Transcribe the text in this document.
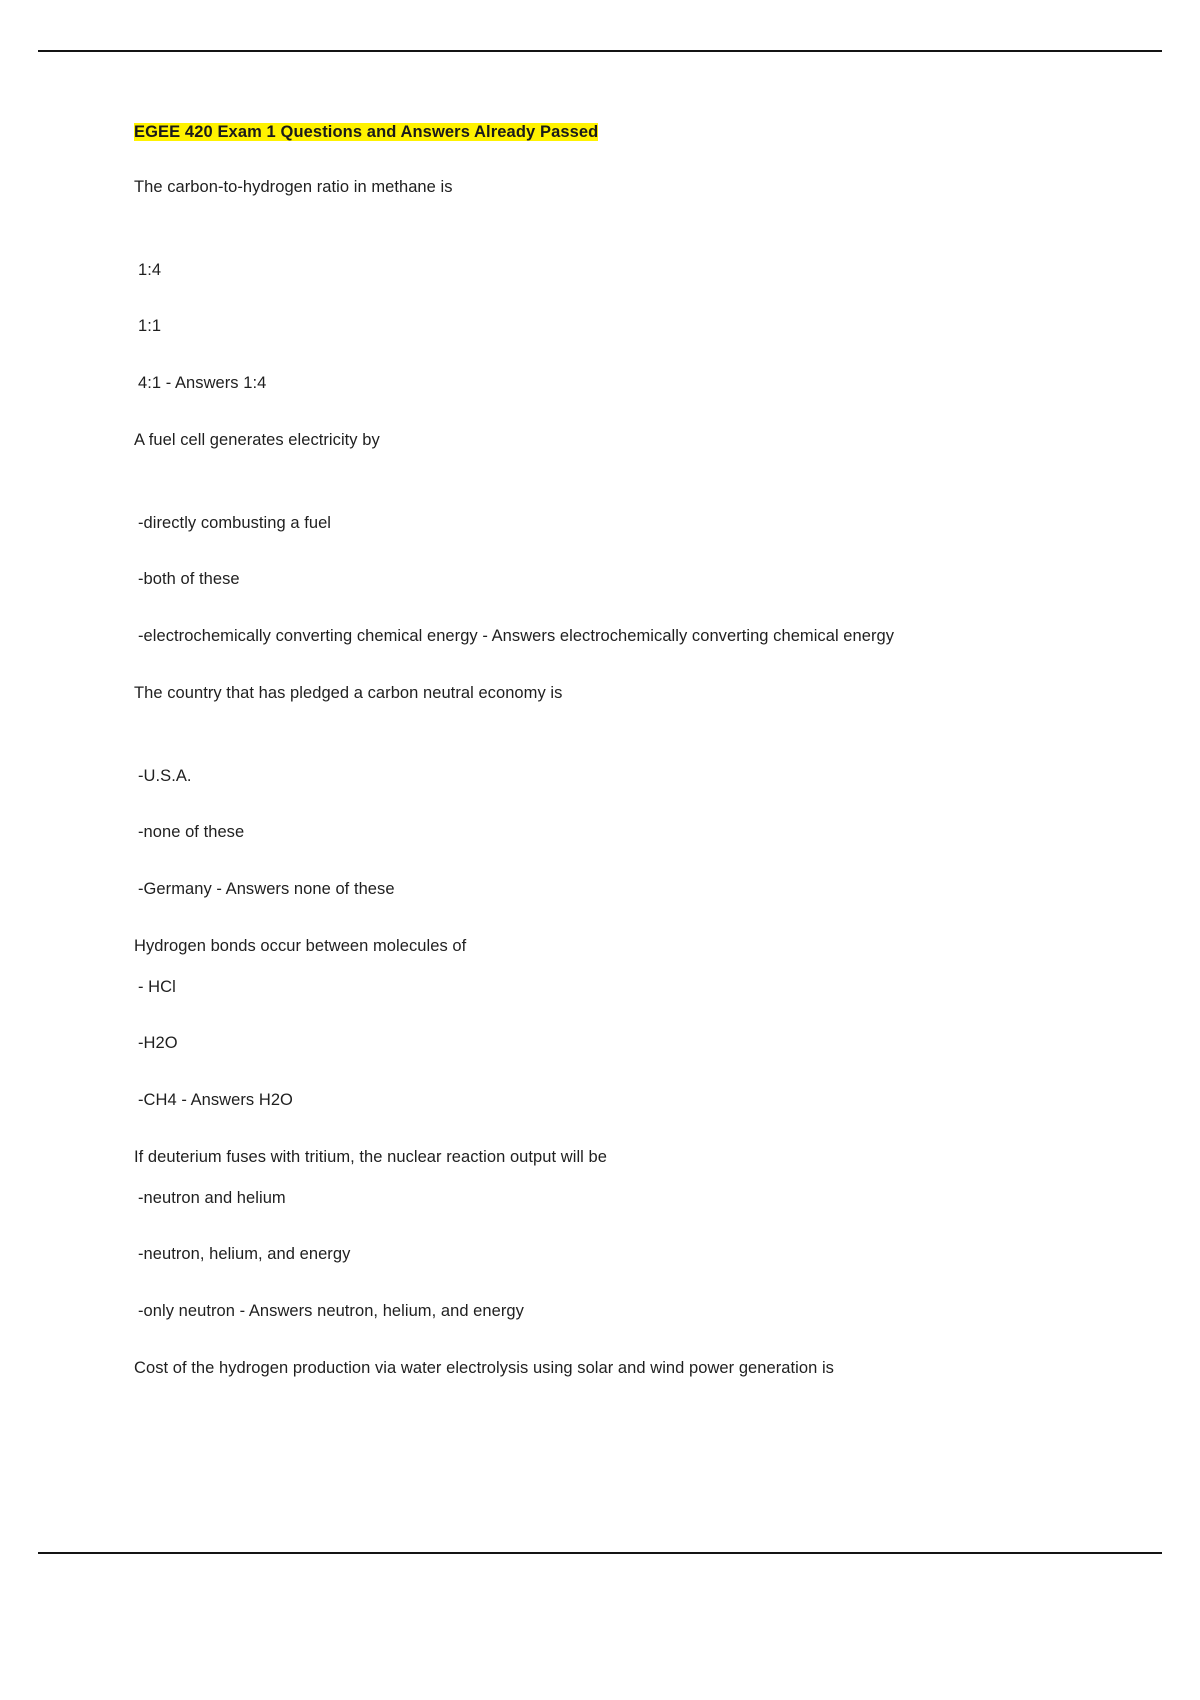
EGEE 420 Exam 1 Questions and Answers Already Passed

The carbon-to-hydrogen ratio in methane is

1:4

1:1

4:1 - Answers 1:4

A fuel cell generates electricity by

-directly combusting a fuel

-both of these

-electrochemically converting chemical energy - Answers electrochemically converting chemical energy

The country that has pledged a carbon neutral economy is

-U.S.A.

-none of these

-Germany - Answers none of these

Hydrogen bonds occur between molecules of

- HCl

-H2O

-CH4 - Answers H2O

If deuterium fuses with tritium, the nuclear reaction output will be

-neutron and helium

-neutron, helium, and energy

-only neutron - Answers neutron, helium, and energy

Cost of the hydrogen production via water electrolysis using solar and wind power generation is
